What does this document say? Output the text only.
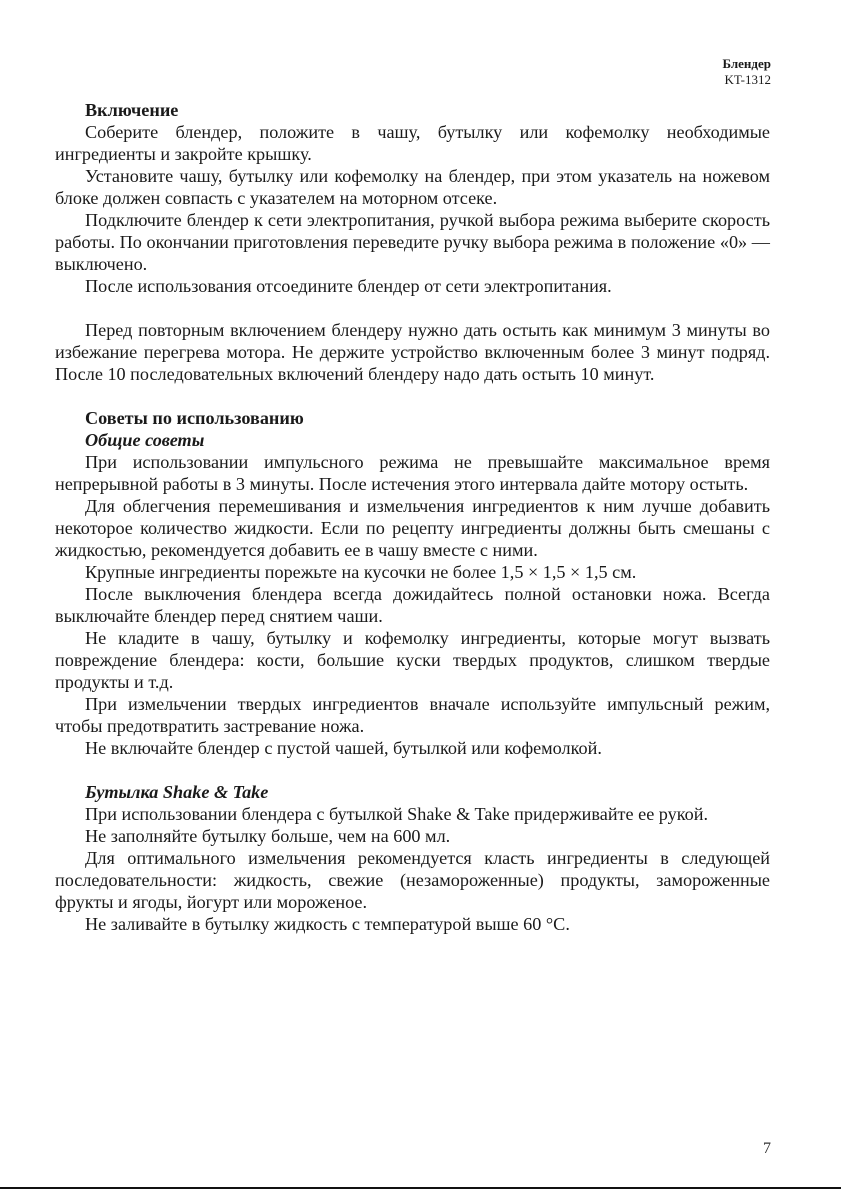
Блендер
KT-1312
Включение

Соберите блендер, положите в чашу, бутылку или кофемолку необходимые ингредиенты и закройте крышку.

Установите чашу, бутылку или кофемолку на блендер, при этом указатель на ножевом блоке должен совпасть с указателем на моторном отсеке.

Подключите блендер к сети электропитания, ручкой выбора режима выберите скорость работы. По окончании приготовления переведите ручку выбора режима в положение «0» — выключено.

После использования отсоедините блендер от сети электропитания.

Перед повторным включением блендеру нужно дать остыть как минимум 3 минуты во избежание перегрева мотора. Не держите устройство включенным более 3 минут подряд. После 10 последовательных включений блендеру надо дать остыть 10 минут.

Советы по использованию
Общие советы

При использовании импульсного режима не превышайте максимальное время непрерывной работы в 3 минуты. После истечения этого интервала дайте мотору остыть.

Для облегчения перемешивания и измельчения ингредиентов к ним лучше добавить некоторое количество жидкости. Если по рецепту ингредиенты должны быть смешаны с жидкостью, рекомендуется добавить ее в чашу вместе с ними.

Крупные ингредиенты порежьте на кусочки не более 1,5 × 1,5 × 1,5 см.

После выключения блендера всегда дожидайтесь полной остановки ножа. Всегда выключайте блендер перед снятием чаши.

Не кладите в чашу, бутылку и кофемолку ингредиенты, которые могут вызвать повреждение блендера: кости, большие куски твердых продуктов, слишком твердые продукты и т.д.

При измельчении твердых ингредиентов вначале используйте импульсный режим, чтобы предотвратить застревание ножа.

Не включайте блендер с пустой чашей, бутылкой или кофемолкой.

Бутылка Shake & Take

При использовании блендера с бутылкой Shake & Take придерживайте ее рукой.

Не заполняйте бутылку больше, чем на 600 мл.

Для оптимального измельчения рекомендуется класть ингредиенты в следующей последовательности: жидкость, свежие (незамороженные) продукты, замороженные фрукты и ягоды, йогурт или мороженое.

Не заливайте в бутылку жидкость с температурой выше 60 °C.

7
